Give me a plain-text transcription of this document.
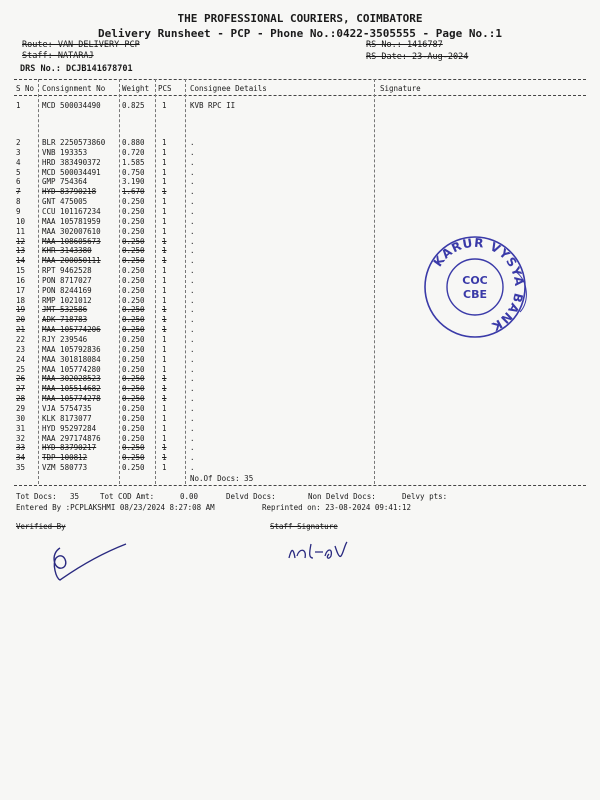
THE PROFESSIONAL COURIERS, COIMBATORE
Delivery Runsheet - PCP - Phone No.:0422-3505555 - Page No.:1
Route: VAN DELIVERY PCP
Staff: NATARAJ
DRS No.: DCJB141678701
RS No.: 1416787
RS Date: 23-Aug-2024
S No Consignment No Weight PCS Consignee Details	Signature
1	MCD 500034490	0.825 1	KVB RPC II
2	BLR 2250573860 0.880 1	.
3	VNB 193353	0.720 1	.
4	HRD 383490372	1.585 1	.
5	MCD 500034491	0.750 1	.
6	GMP 754364	3.190 1	.
7	HYD 83790218	1.670 1	.
8	GNT 475005	0.250 1	.
9	CCU 101167234	0.250 1	.
10 MAA 105781959	0.250 1	.
11 MAA 302007610	0.250 1	.
12 MAA 108605673	0.250 1	.
13 KHR 3143380	0.250 1	.
14 MAA 200050111	0.250 1	.
15 RPT 9462528	0.250 1	.
16 PON 8717027	0.250 1	.
17 PON 8244169	0.250 1	.
18 RMP 1021012	0.250 1	.
19 JMT 532586	0.250 1	.
20 ADK 718783	0.250 1	.
21 MAA 105774206	0.250 1	.
22 RJY 239546	0.250 1	.
23 MAA 105792836	0.250 1	.
24 MAA 301818084	0.250 1	.
25 MAA 105774280	0.250 1	.
26 MAA 302028523	0.250 1	.
27 MAA 105514682	0.250 1	.
28 MAA 105774278	0.250 1	.
29 VJA 5754735	0.250 1	.
30 KLK 8173077	0.250 1	.
31 HYD 95297284	0.250 1	.
32 MAA 297174876	0.250 1	.
33 HYD 83790217	0.250 1	.
34 TDP 100812	0.250 1	.
35 VZM 580773	0.250 1	.
No.Of Docs: 35
Tot Docs: 35	Tot COD Amt:	0.00	Delvd Docs:	Non Delvd Docs:	Delvy pts:
Entered By :PCPLAKSHMI 08/23/2024 8:27:08 AM	Reprinted on: 23-08-2024 09:41:12
Verified By	Staff Signature
KARUR VYSYA BANK
COC
CBE
